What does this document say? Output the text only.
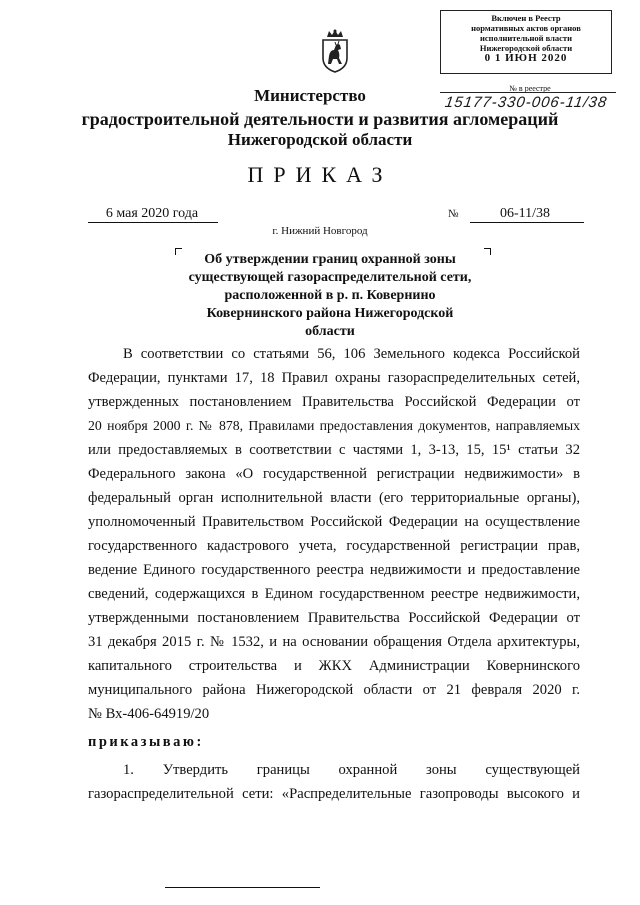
Включен в Реестр
нормативных актов органов
исполнительной власти
Нижегородской области
0 1 ИЮН 2020
№ в реестре
15177-330-006-11/38
Министерство
градостроительной деятельности и развития агломераций
Нижегородской области
ПРИКАЗ
6 мая 2020 года	№	06-11/38
г. Нижний Новгород
Об утверждении границ охранной зоны
существующей газораспределительной сети,
расположенной в р. п. Ковернино
Ковернинского района Нижегородской
области
В соответствии со статьями 56, 106 Земельного кодекса Российской
Федерации, пунктами 17, 18 Правил охраны газораспределительных сетей,
утвержденных постановлением Правительства Российской Федерации от
20 ноября 2000 г. № 878, Правилами предоставления документов, направляемых
или предоставляемых в соответствии с частями 1, 3-13, 15, 15¹ статьи 32
Федерального закона «О государственной регистрации недвижимости» в
федеральный орган исполнительной власти (его территориальные органы),
уполномоченный Правительством Российской Федерации на осуществление
государственного кадастрового учета, государственной регистрации прав,
ведение Единого государственного реестра недвижимости и предоставление
сведений, содержащихся в Едином государственном реестре недвижимости,
утвержденными постановлением Правительства Российской Федерации от
31 декабря 2015 г. № 1532, и на основании обращения Отдела архитектуры,
капитального строительства и ЖКХ Администрации Ковернинского
муниципального района Нижегородской области от 21 февраля 2020 г.
№ Вх-406-64919/20
приказываю:
1. Утвердить границы охранной зоны существующей
газораспределительной сети: «Распределительные газопроводы высокого и
